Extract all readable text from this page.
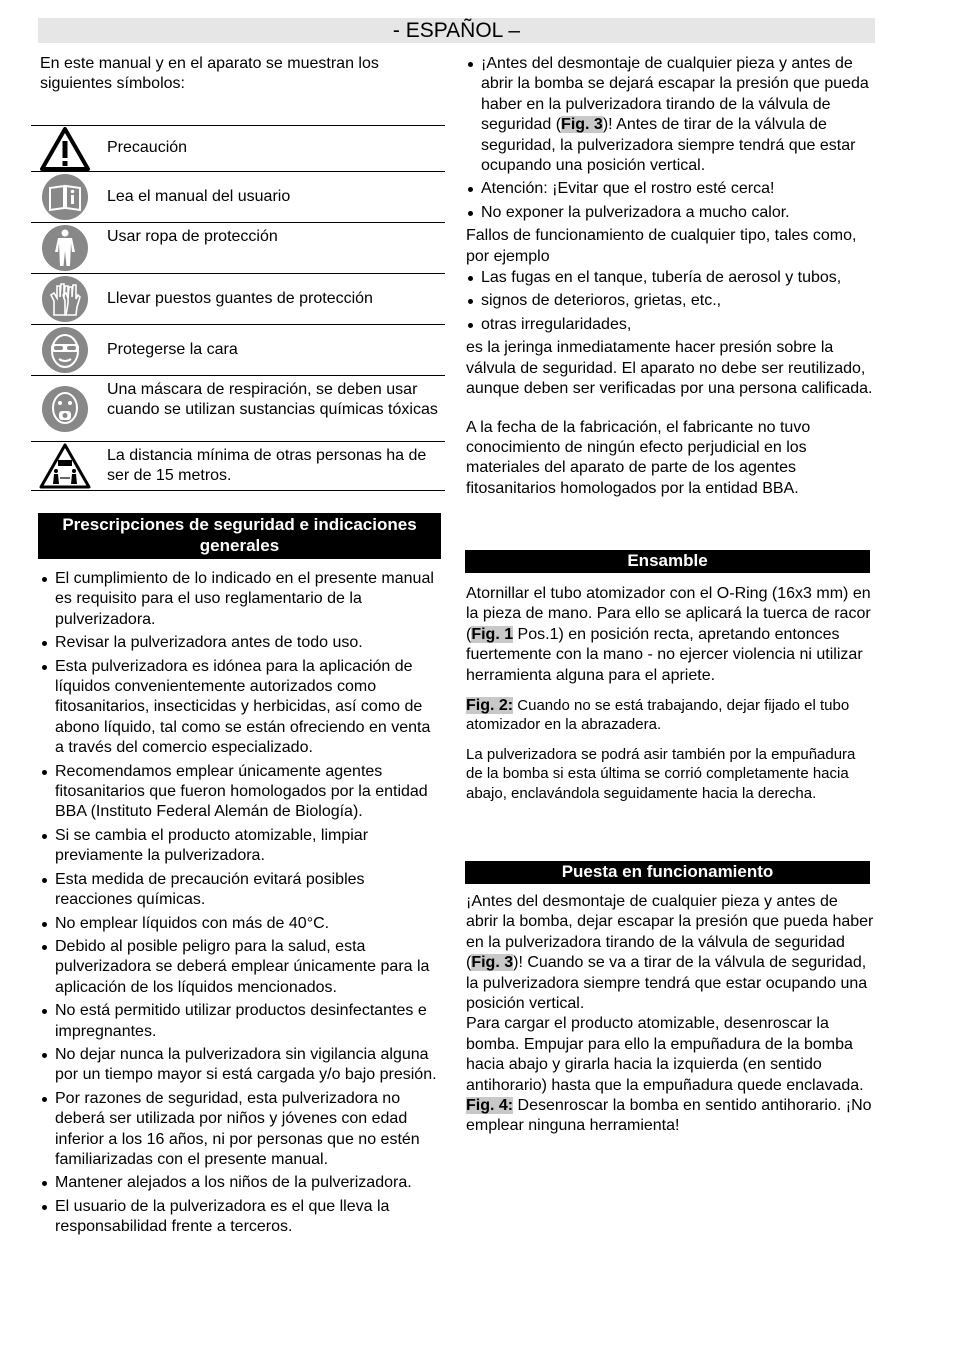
- ESPAÑOL –

En este manual y en el aparato se muestran los siguientes símbolos:

Precaución
Lea el manual del usuario
Usar ropa de protección
Llevar puestos guantes de protección
Protegerse la cara
Una máscara de respiración, se deben usar cuando se utilizan sustancias químicas tóxicas
La distancia mínima de otras personas ha de ser de 15 metros.
Prescripciones de seguridad e indicaciones generales
El cumplimiento de lo indicado en el presente manual es requisito para el uso reglamentario de la pulverizadora.
Revisar la pulverizadora antes de todo uso.
Esta pulverizadora es idónea para la aplicación de líquidos convenientemente autorizados como fitosanitarios, insecticidas y herbicidas, así como de abono líquido, tal como se están ofreciendo en venta a través del comercio especializado.
Recomendamos emplear únicamente agentes fitosanitarios que fueron homologados por la entidad BBA (Instituto Federal Alemán de Biología).
Si se cambia el producto atomizable, limpiar previamente la pulverizadora.
Esta medida de precaución evitará posibles reacciones químicas.
No emplear líquidos con más de 40°C.
Debido al posible peligro para la salud, esta pulverizadora se deberá emplear únicamente para la aplicación de los líquidos mencionados.
No está permitido utilizar productos desinfectantes e impregnantes.
No dejar nunca la pulverizadora sin vigilancia alguna por un tiempo mayor si está cargada y/o bajo presión.
Por razones de seguridad, esta pulverizadora no deberá ser utilizada por niños y jóvenes con edad inferior a los 16 años, ni por personas que no estén familiarizadas con el presente manual.
Mantener alejados a los niños de la pulverizadora.
El usuario de la pulverizadora es el que lleva la responsabilidad frente a terceros.
¡Antes del desmontaje de cualquier pieza y antes de abrir la bomba se dejará escapar la presión que pueda haber en la pulverizadora tirando de la válvula de seguridad (Fig. 3)! Antes de tirar de la válvula de seguridad, la pulverizadora siempre tendrá que estar ocupando una posición vertical.
Atención: ¡Evitar que el rostro esté cerca!
No exponer la pulverizadora a mucho calor.

Fallos de funcionamiento de cualquier tipo, tales como, por ejemplo

Las fugas en el tanque, tubería de aerosol y tubos,
signos de deterioros, grietas, etc.,
otras irregularidades,

es la jeringa inmediatamente hacer presión sobre la válvula de seguridad. El aparato no debe ser reutilizado, aunque deben ser verificadas por una persona calificada.

A la fecha de la fabricación, el fabricante no tuvo conocimiento de ningún efecto perjudicial en los materiales del aparato de parte de los agentes fitosanitarios homologados por la entidad BBA.

Ensamble

Atornillar el tubo atomizador con el O-Ring (16x3 mm) en la pieza de mano. Para ello se aplicará la tuerca de racor (Fig. 1 Pos.1) en posición recta, apretando entonces fuertemente con la mano - no ejercer violencia ni utilizar herramienta alguna para el apriete.

Fig. 2: Cuando no se está trabajando, dejar fijado el tubo atomizador en la abrazadera.

La pulverizadora se podrá asir también por la empuñadura de la bomba si esta última se corrió completamente hacia abajo, enclavándola seguidamente hacia la derecha.

Puesta en funcionamiento

¡Antes del desmontaje de cualquier pieza y antes de abrir la bomba, dejar escapar la presión que pueda haber en la pulverizadora tirando de la válvula de seguridad (Fig. 3)! Cuando se va a tirar de la válvula de seguridad, la pulverizadora siempre tendrá que estar ocupando una posición vertical.

Para cargar el producto atomizable, desenroscar la bomba. Empujar para ello la empuñadura de la bomba hacia abajo y girarla hacia la izquierda (en sentido antihorario) hasta que la empuñadura quede enclavada.

Fig. 4: Desenroscar la bomba en sentido antihorario. ¡No emplear ninguna herramienta!
